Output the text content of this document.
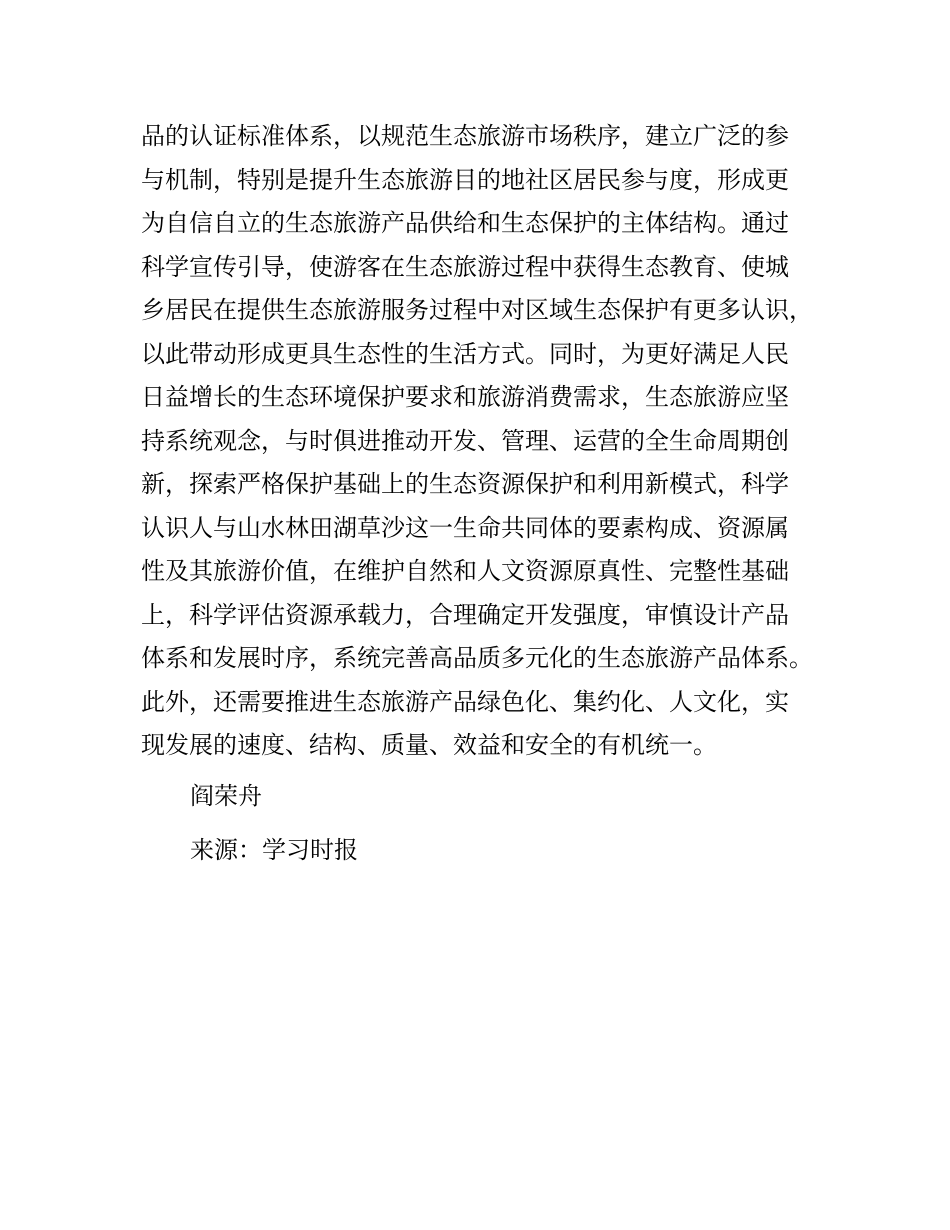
品的认证标准体系，以规范生态旅游市场秩序，建立广泛的参
与机制，特别是提升生态旅游目的地社区居民参与度，形成更
为自信自立的生态旅游产品供给和生态保护的主体结构。通过
科学宣传引导，使游客在生态旅游过程中获得生态教育、使城
乡居民在提供生态旅游服务过程中对区域生态保护有更多认识，
以此带动形成更具生态性的生活方式。同时，为更好满足人民
日益增长的生态环境保护要求和旅游消费需求，生态旅游应坚
持系统观念，与时俱进推动开发、管理、运营的全生命周期创
新，探索严格保护基础上的生态资源保护和利用新模式，科学
认识人与山水林田湖草沙这一生命共同体的要素构成、资源属
性及其旅游价值，在维护自然和人文资源原真性、完整性基础
上，科学评估资源承载力，合理确定开发强度，审慎设计产品
体系和发展时序，系统完善高品质多元化的生态旅游产品体系。
此外，还需要推进生态旅游产品绿色化、集约化、人文化，实
现发展的速度、结构、质量、效益和安全的有机统一。
阎荣舟
来源：学习时报
